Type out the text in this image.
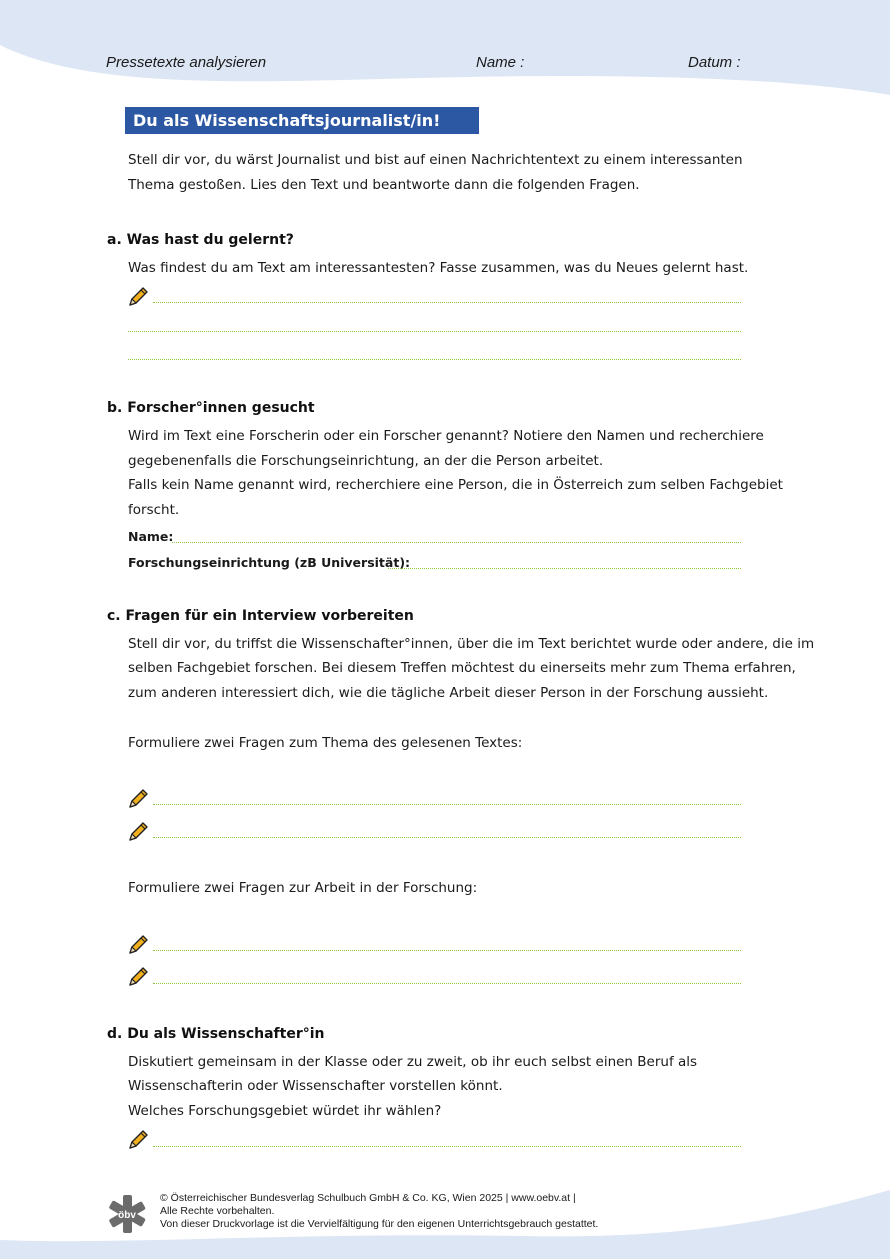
Pressetexte analysieren	Name :	Datum :
Du als Wissenschaftsjournalist/in!
Stell dir vor, du wärst Journalist und bist auf einen Nachrichtentext zu einem interessanten
Thema gestoßen. Lies den Text und beantworte dann die folgenden Fragen.
a. Was hast du gelernt?
Was findest du am Text am interessantesten? Fasse zusammen, was du Neues gelernt hast.
b. Forscher°innen gesucht
Wird im Text eine Forscherin oder ein Forscher genannt? Notiere den Namen und recherchiere
gegebenenfalls die Forschungseinrichtung, an der die Person arbeitet.
Falls kein Name genannt wird, recherchiere eine Person, die in Österreich zum selben Fachgebiet
forscht.
Name:
Forschungseinrichtung (zB Universität):
c. Fragen für ein Interview vorbereiten
Stell dir vor, du triffst die Wissenschafter°innen, über die im Text berichtet wurde oder andere, die im
selben Fachgebiet forschen. Bei diesem Treffen möchtest du einerseits mehr zum Thema erfahren,
zum anderen interessiert dich, wie die tägliche Arbeit dieser Person in der Forschung aussieht.
Formuliere zwei Fragen zum Thema des gelesenen Textes:
Formuliere zwei Fragen zur Arbeit in der Forschung:
d. Du als Wissenschafter°in
Diskutiert gemeinsam in der Klasse oder zu zweit, ob ihr euch selbst einen Beruf als
Wissenschafterin oder Wissenschafter vorstellen könnt.
Welches Forschungsgebiet würdet ihr wählen?
öbv
© Österreichischer Bundesverlag Schulbuch GmbH & Co. KG, Wien 2025 | www.oebv.at |
Alle Rechte vorbehalten.
Von dieser Druckvorlage ist die Vervielfältigung für den eigenen Unterrichtsgebrauch gestattet.
